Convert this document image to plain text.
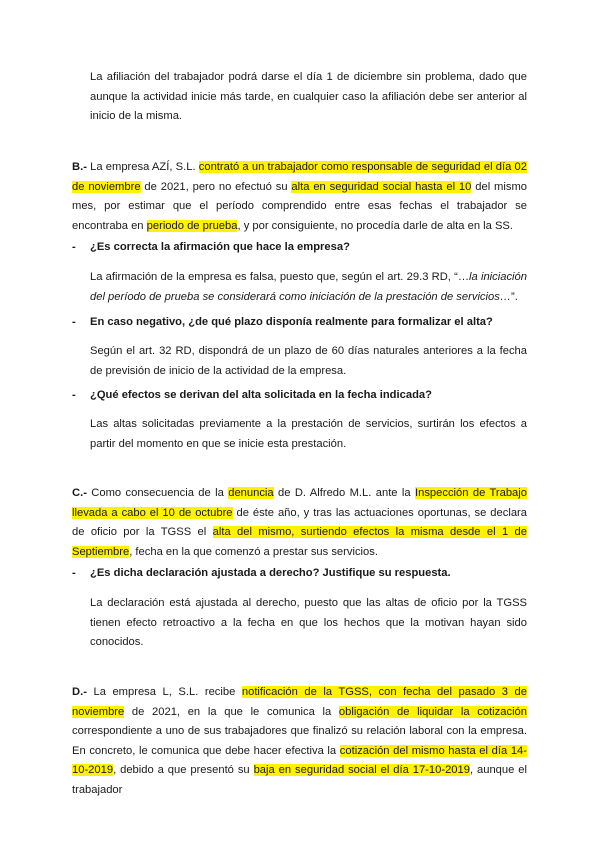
La afiliación del trabajador podrá darse el día 1 de diciembre sin problema, dado que aunque la actividad inicie más tarde, en cualquier caso la afiliación debe ser anterior al inicio de la misma.

B.- La empresa AZÍ, S.L. contrató a un trabajador como responsable de seguridad el día 02 de noviembre de 2021, pero no efectuó su alta en seguridad social hasta el 10 del mismo mes, por estimar que el período comprendido entre esas fechas el trabajador se encontraba en periodo de prueba, y por consiguiente, no procedía darle de alta en la SS.

- ¿Es correcta la afirmación que hace la empresa?

La afirmación de la empresa es falsa, puesto que, según el art. 29.3 RD, “…la iniciación del período de prueba se considerará como iniciación de la prestación de servicios…”.

- En caso negativo, ¿de qué plazo disponía realmente para formalizar el alta?

Según el art. 32 RD, dispondrá de un plazo de 60 días naturales anteriores a la fecha de previsión de inicio de la actividad de la empresa.

- ¿Qué efectos se derivan del alta solicitada en la fecha indicada?

Las altas solicitadas previamente a la prestación de servicios, surtirán los efectos a partir del momento en que se inicie esta prestación.

C.- Como consecuencia de la denuncia de D. Alfredo M.L. ante la Inspección de Trabajo llevada a cabo el 10 de octubre de éste año, y tras las actuaciones oportunas, se declara de oficio por la TGSS el alta del mismo, surtiendo efectos la misma desde el 1 de Septiembre, fecha en la que comenzó a prestar sus servicios.

- ¿Es dicha declaración ajustada a derecho? Justifique su respuesta.

La declaración está ajustada al derecho, puesto que las altas de oficio por la TGSS tienen efecto retroactivo a la fecha en que los hechos que la motivan hayan sido conocidos.

D.- La empresa L, S.L. recibe notificación de la TGSS, con fecha del pasado 3 de noviembre de 2021, en la que le comunica la obligación de liquidar la cotización correspondiente a uno de sus trabajadores que finalizó su relación laboral con la empresa. En concreto, le comunica que debe hacer efectiva la cotización del mismo hasta el día 14-10-2019, debido a que presentó su baja en seguridad social el día 17-10-2019, aunque el trabajador
